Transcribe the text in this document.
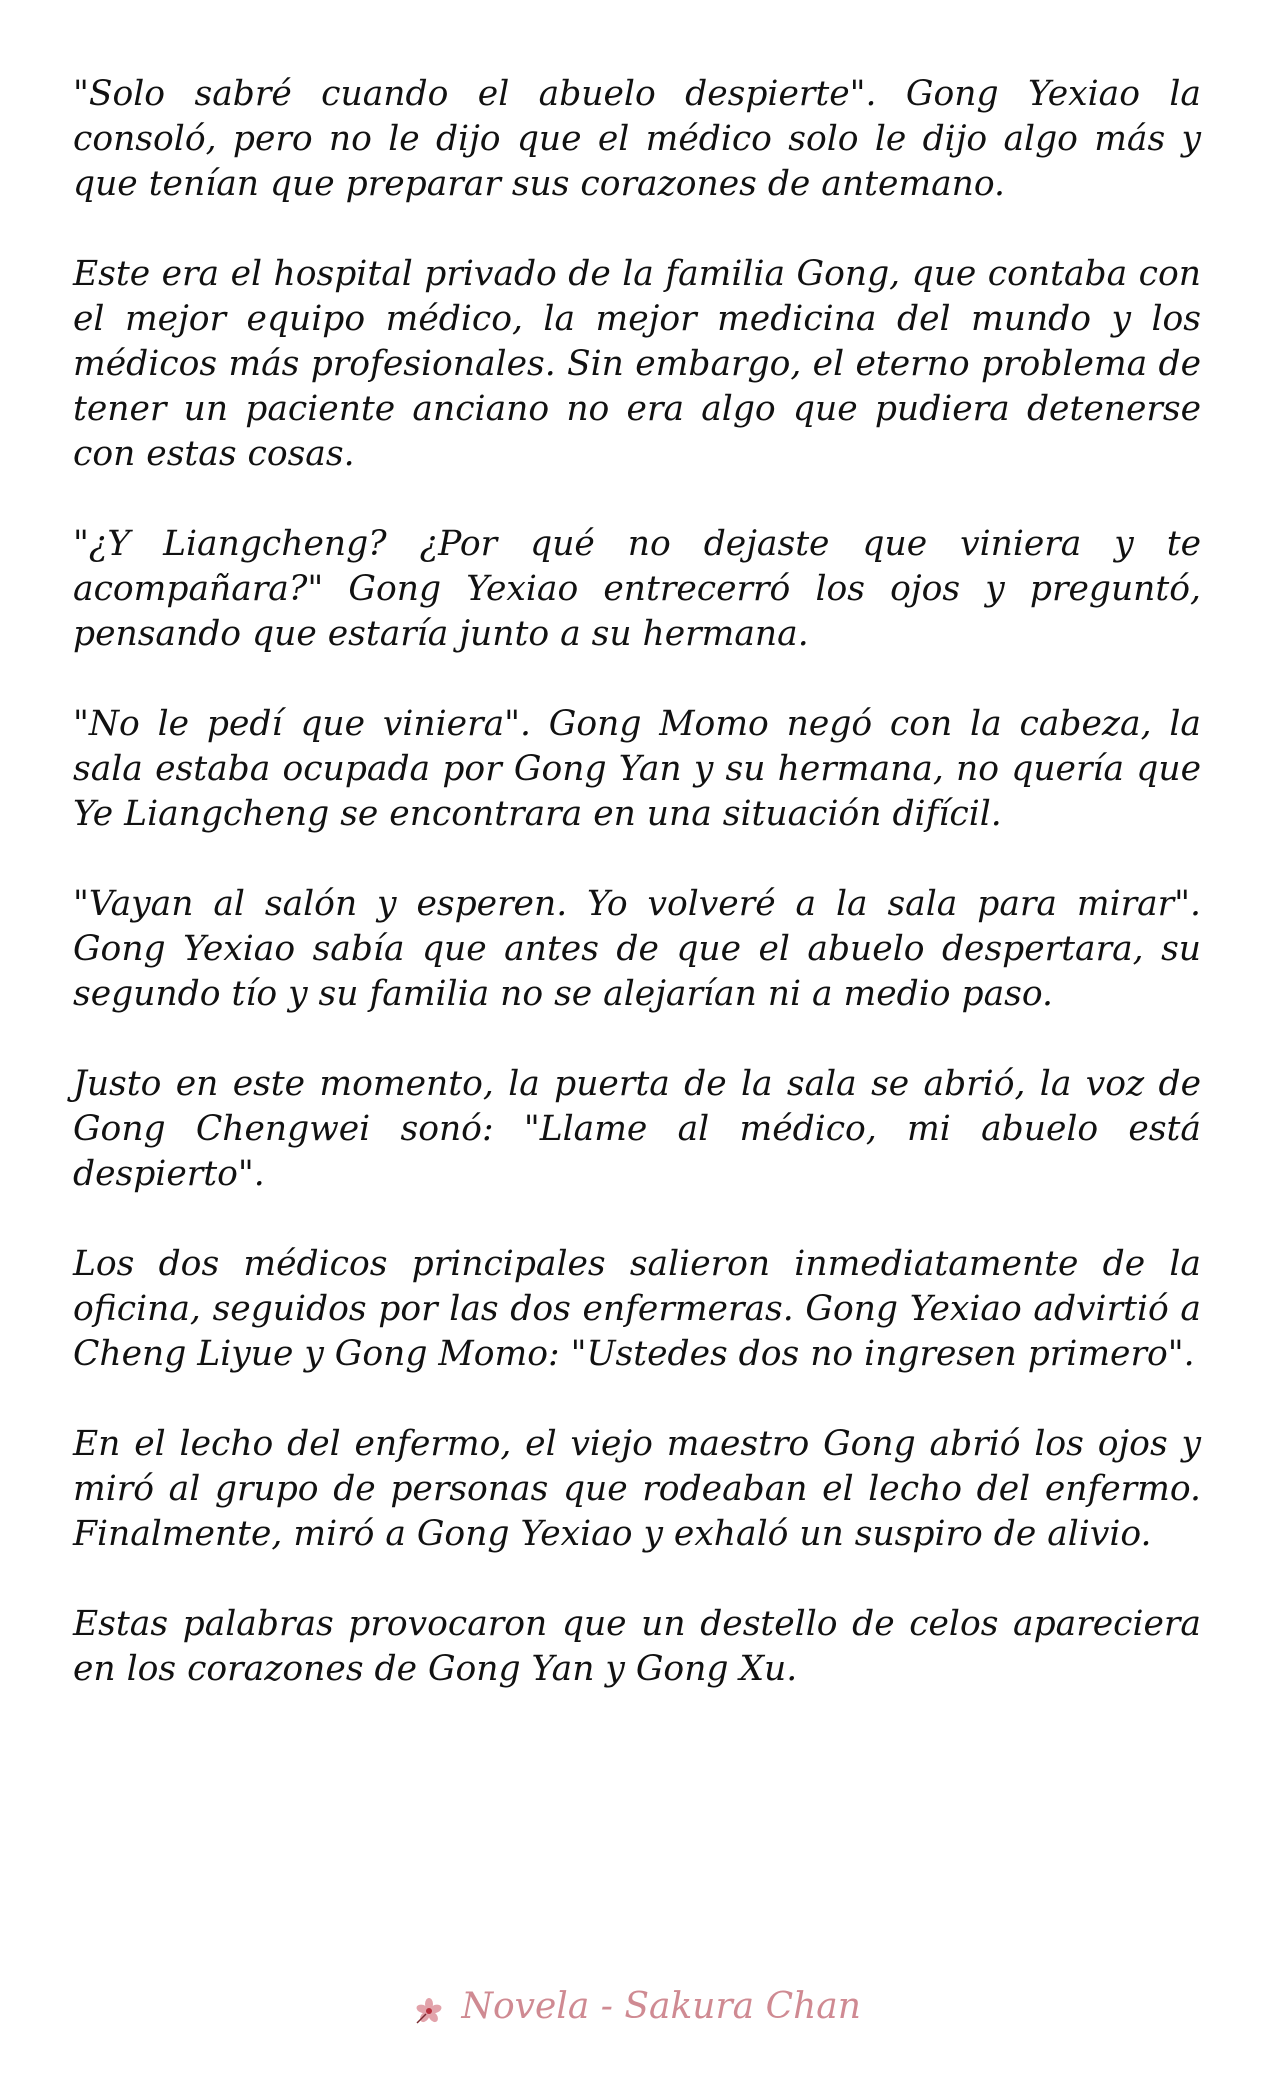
"Solo sabré cuando el abuelo despierte". Gong Yexiao la consoló, pero no le dijo que el médico solo le dijo algo más y que tenían que preparar sus corazones de antemano.

Este era el hospital privado de la familia Gong, que contaba con el mejor equipo médico, la mejor medicina del mundo y los médicos más profesionales. Sin embargo, el eterno problema de tener un paciente anciano no era algo que pudiera detenerse con estas cosas.

"¿Y Liangcheng? ¿Por qué no dejaste que viniera y te acompañara?" Gong Yexiao entrecerró los ojos y preguntó, pensando que estaría junto a su hermana.

"No le pedí que viniera". Gong Momo negó con la cabeza, la sala estaba ocupada por Gong Yan y su hermana, no quería que Ye Liangcheng se encontrara en una situación difícil.

"Vayan al salón y esperen. Yo volveré a la sala para mirar". Gong Yexiao sabía que antes de que el abuelo despertara, su segundo tío y su familia no se alejarían ni a medio paso.

Justo en este momento, la puerta de la sala se abrió, la voz de Gong Chengwei sonó: "Llame al médico, mi abuelo está despierto".

Los dos médicos principales salieron inmediatamente de la oficina, seguidos por las dos enfermeras. Gong Yexiao advirtió a Cheng Liyue y Gong Momo: "Ustedes dos no ingresen primero".

En el lecho del enfermo, el viejo maestro Gong abrió los ojos y miró al grupo de personas que rodeaban el lecho del enfermo. Finalmente, miró a Gong Yexiao y exhaló un suspiro de alivio.

Estas palabras provocaron que un destello de celos apareciera en los corazones de Gong Yan y Gong Xu.

Novela - Sakura Chan
